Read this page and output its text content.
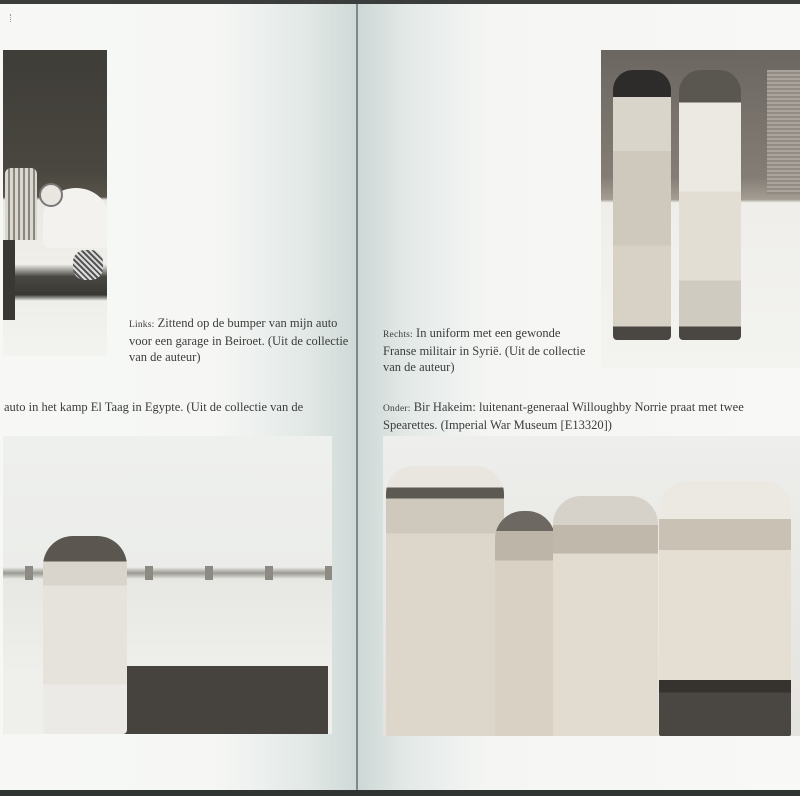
Links: Zittend op de bumper van mijn auto voor een garage in Beiroet. (Uit de collectie van de auteur)
auto in het kamp El Taag in Egypte. (Uit de collectie van de
Rechts: In uniform met een gewonde Franse militair in Syrië. (Uit de collectie van de auteur)
Onder: Bir Hakeim: luitenant-generaal Willoughby Norrie praat met twee Spearettes. (Imperial War Museum [E13320])
